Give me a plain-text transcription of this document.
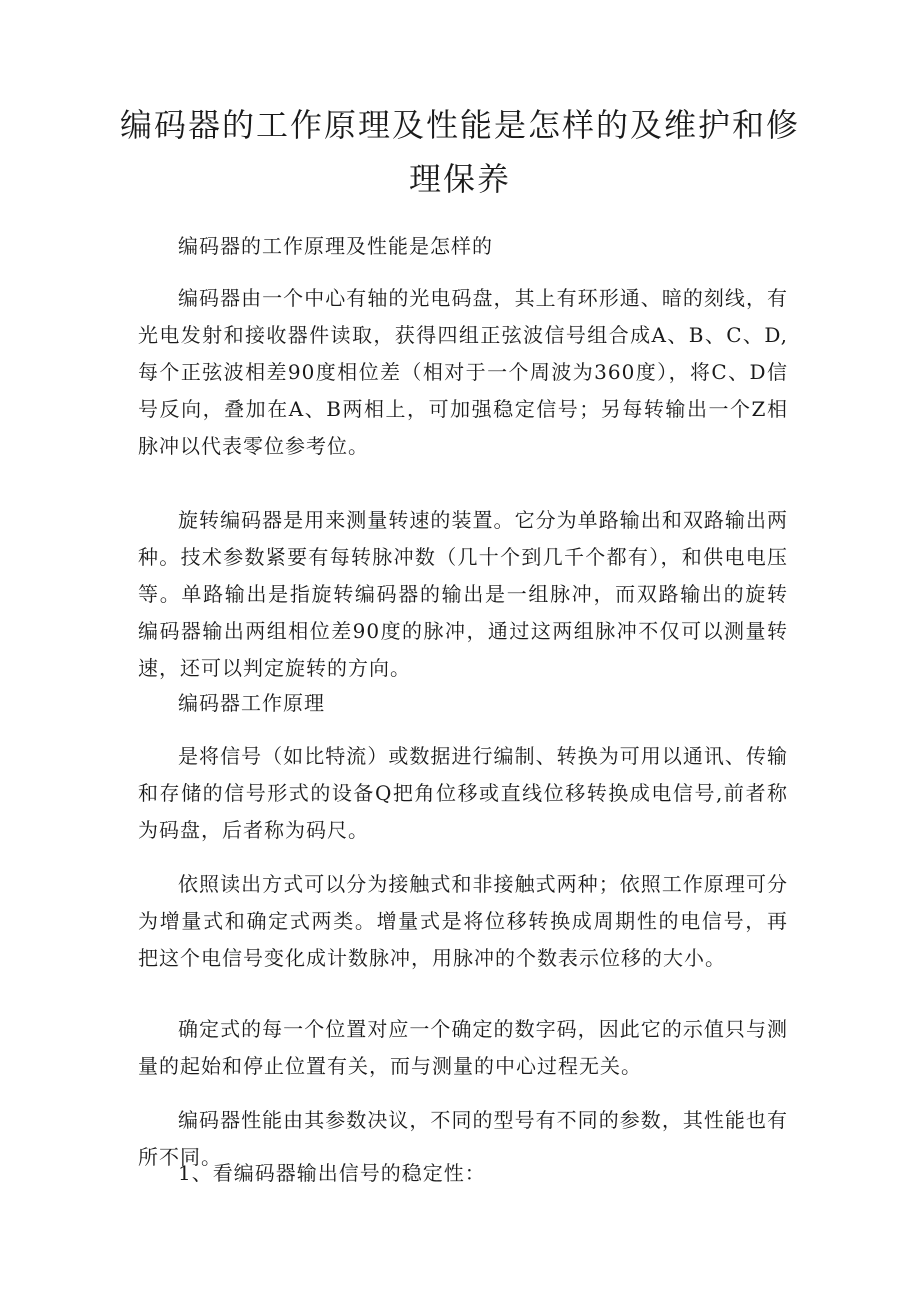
编码器的工作原理及性能是怎样的及维护和修理保养

编码器的工作原理及性能是怎样的

编码器由一个中心有轴的光电码盘，其上有环形通、暗的刻线，有光电发射和接收器件读取，获得四组正弦波信号组合成A、B、C、D,每个正弦波相差90度相位差（相对于一个周波为360度），将C、D信号反向，叠加在A、B两相上，可加强稳定信号；另每转输出一个Z相脉冲以代表零位参考位。

旋转编码器是用来测量转速的装置。它分为单路输出和双路输出两种。技术参数紧要有每转脉冲数（几十个到几千个都有），和供电电压等。单路输出是指旋转编码器的输出是一组脉冲，而双路输出的旋转编码器输出两组相位差90度的脉冲，通过这两组脉冲不仅可以测量转速，还可以判定旋转的方向。

编码器工作原理

是将信号（如比特流）或数据进行编制、转换为可用以通讯、传输和存储的信号形式的设备Q把角位移或直线位移转换成电信号,前者称为码盘，后者称为码尺。

依照读出方式可以分为接触式和非接触式两种；依照工作原理可分为增量式和确定式两类。增量式是将位移转换成周期性的电信号，再把这个电信号变化成计数脉冲，用脉冲的个数表示位移的大小。

确定式的每一个位置对应一个确定的数字码，因此它的示值只与测量的起始和停止位置有关，而与测量的中心过程无关。

编码器性能由其参数决议，不同的型号有不同的参数，其性能也有所不同。

1、看编码器输出信号的稳定性：
